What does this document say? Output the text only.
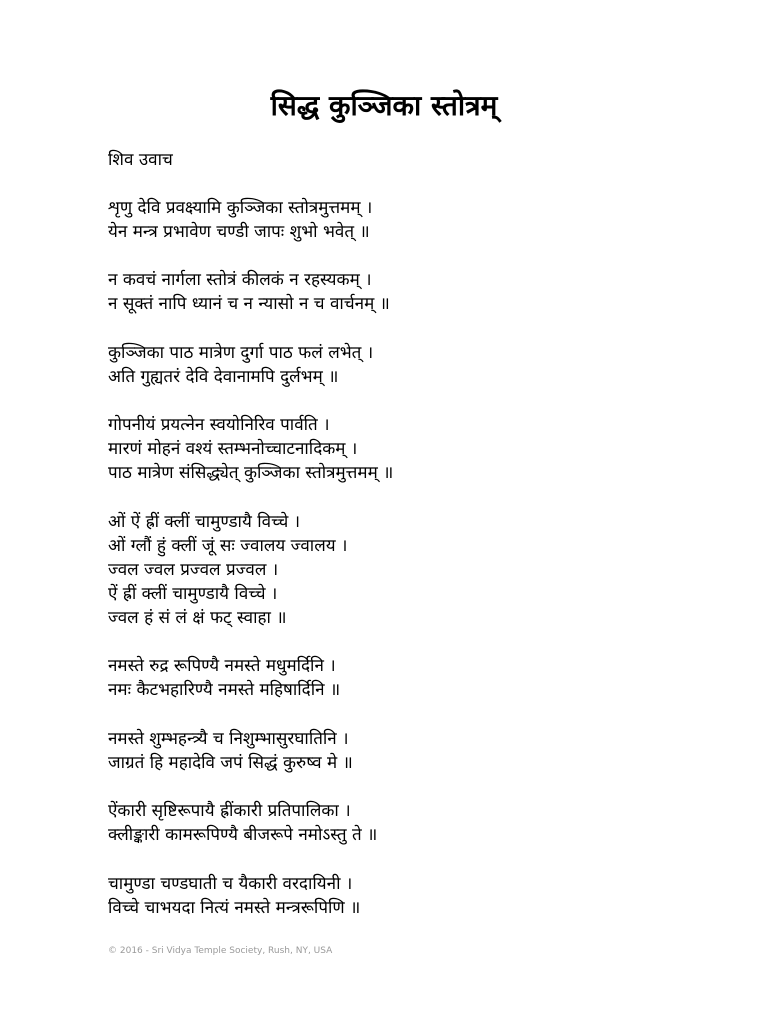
सिद्ध कुञ्जिका स्तोत्रम्
शिव उवाच
शृणु देवि प्रवक्ष्यामि कुञ्जिका स्तोत्रमुत्तमम् ।
येन मन्त्र प्रभावेण चण्डी जापः शुभो भवेत् ॥
न कवचं नार्गला स्तोत्रं कीलकं न रहस्यकम् ।
न सूक्तं नापि ध्यानं च न न्यासो न च वार्चनम् ॥
कुञ्जिका पाठ मात्रेण दुर्गा पाठ फलं लभेत् ।
अति गुह्यतरं देवि देवानामपि दुर्लभम् ॥
गोपनीयं प्रयत्नेन स्वयोनिरिव पार्वति ।
मारणं मोहनं वश्यं स्तम्भनोच्चाटनादिकम् ।
पाठ मात्रेण संसिद्ध्येत् कुञ्जिका स्तोत्रमुत्तमम् ॥
ओं ऐं ह्रीं क्लीं चामुण्डायै विच्चे ।
ओं ग्लौं हुं क्लीं जूं सः ज्वालय ज्वालय ।
ज्वल ज्वल प्रज्वल प्रज्वल ।
ऐं ह्रीं क्लीं चामुण्डायै विच्चे ।
ज्वल हं सं लं क्षं फट् स्वाहा ॥
नमस्ते रुद्र रूपिण्यै नमस्ते मधुमर्दिनि ।
नमः कैटभहारिण्यै नमस्ते महिषार्दिनि ॥
नमस्ते शुम्भहन्त्र्यै च निशुम्भासुरघातिनि ।
जाग्रतं हि महादेवि जपं सिद्धं कुरुष्व मे ॥
ऐंकारी सृष्टिरूपायै ह्रींकारी प्रतिपालिका ।
क्लीङ्कारी कामरूपिण्यै बीजरूपे नमोऽस्तु ते ॥
चामुण्डा चण्डघाती च यैकारी वरदायिनी ।
विच्चे चाभयदा नित्यं नमस्ते मन्त्ररूपिणि ॥
© 2016 - Sri Vidya Temple Society, Rush, NY, USA
